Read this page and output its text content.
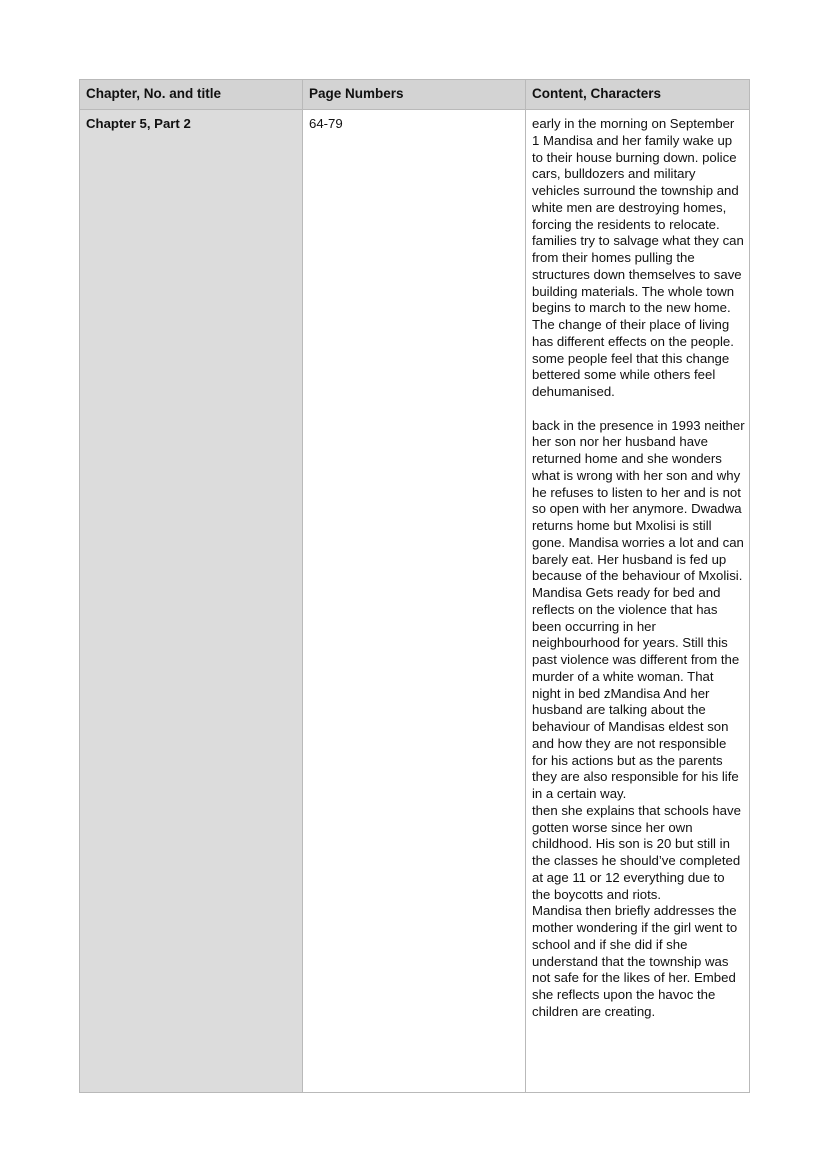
Chapter, No. and title	Page Numbers	Content, Characters
Chapter 5, Part 2	64-79	early in the morning on September 1 Mandisa and her family wake up to their house burning down. police cars, bulldozers and military vehicles surround the township and white men are destroying homes, forcing the residents to relocate. families try to salvage what they can from their homes pulling the structures down themselves to save building materials. The whole town begins to march to the new home. The change of their place of living has different effects on the people. some people feel that this change bettered some while others feel dehumanised.

back in the presence in 1993 neither her son nor her husband have returned home and she wonders what is wrong with her son and why he refuses to listen to her and is not so open with her anymore. Dwadwa returns home but Mxolisi is still gone. Mandisa worries a lot and can barely eat. Her husband is fed up because of the behaviour of Mxolisi. Mandisa Gets ready for bed and reflects on the violence that has been occurring in her neighbourhood for years. Still this past violence was different from the murder of a white woman. That night in bed zMandisa And her husband are talking about the behaviour of Mandisas eldest son and how they are not responsible for his actions but as the parents they are also responsible for his life in a certain way.
then she explains that schools have gotten worse since her own childhood. His son is 20 but still in the classes he should’ve completed at age 11 or 12 everything due to the boycotts and riots.
Mandisa then briefly addresses the mother wondering if the girl went to school and if she did if she understand that the township was not safe for the likes of her. Embed she reflects upon the havoc the children are creating.
